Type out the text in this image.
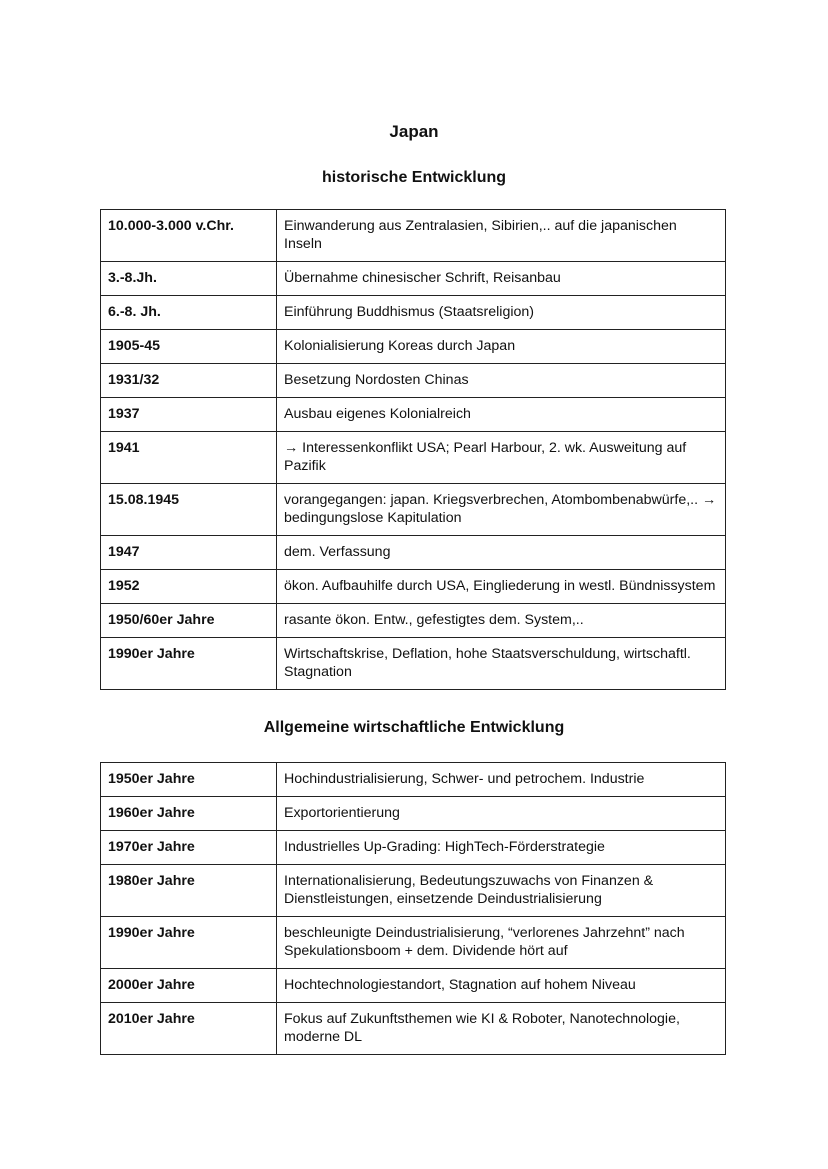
Japan
historische Entwicklung
10.000-3.000 v.Chr.	Einwanderung aus Zentralasien, Sibirien,.. auf die japanischen Inseln
3.-8.Jh.	Übernahme chinesischer Schrift, Reisanbau
6.-8. Jh.	Einführung Buddhismus (Staatsreligion)
1905-45	Kolonialisierung Koreas durch Japan
1931/32	Besetzung Nordosten Chinas
1937	Ausbau eigenes Kolonialreich
1941	→ Interessenkonflikt USA; Pearl Harbour, 2. wk. Ausweitung auf Pazifik
15.08.1945	vorangegangen: japan. Kriegsverbrechen, Atombombenabwürfe,.. → bedingungslose Kapitulation
1947	dem. Verfassung
1952	ökon. Aufbauhilfe durch USA, Eingliederung in westl. Bündnissystem
1950/60er Jahre	rasante ökon. Entw., gefestigtes dem. System,..
1990er Jahre	Wirtschaftskrise, Deflation, hohe Staatsverschuldung, wirtschaftl. Stagnation
Allgemeine wirtschaftliche Entwicklung
1950er Jahre	Hochindustrialisierung, Schwer- und petrochem. Industrie
1960er Jahre	Exportorientierung
1970er Jahre	Industrielles Up-Grading: HighTech-Förderstrategie
1980er Jahre	Internationalisierung, Bedeutungszuwachs von Finanzen & Dienstleistungen, einsetzende Deindustrialisierung
1990er Jahre	beschleunigte Deindustrialisierung, “verlorenes Jahrzehnt” nach Spekulationsboom + dem. Dividende hört auf
2000er Jahre	Hochtechnologiestandort, Stagnation auf hohem Niveau
2010er Jahre	Fokus auf Zukunftsthemen wie KI & Roboter, Nanotechnologie, moderne DL
